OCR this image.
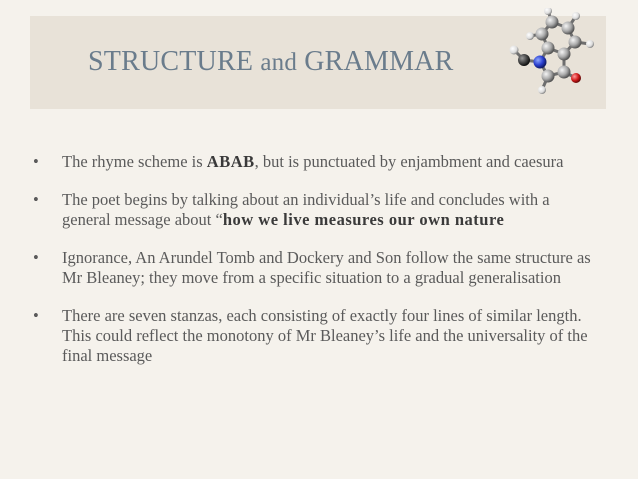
STRUCTURE and GRAMMAR
• The rhyme scheme is ABAB, but is punctuated by enjambment and caesura
• The poet begins by talking about an individual’s life and concludes with a general message about “how we live measures our own nature
• Ignorance, An Arundel Tomb and Dockery and Son follow the same structure as Mr Bleaney; they move from a specific situation to a gradual generalisation
• There are seven stanzas, each consisting of exactly four lines of similar length. This could reflect the monotony of Mr Bleaney’s life and the universality of the final message
